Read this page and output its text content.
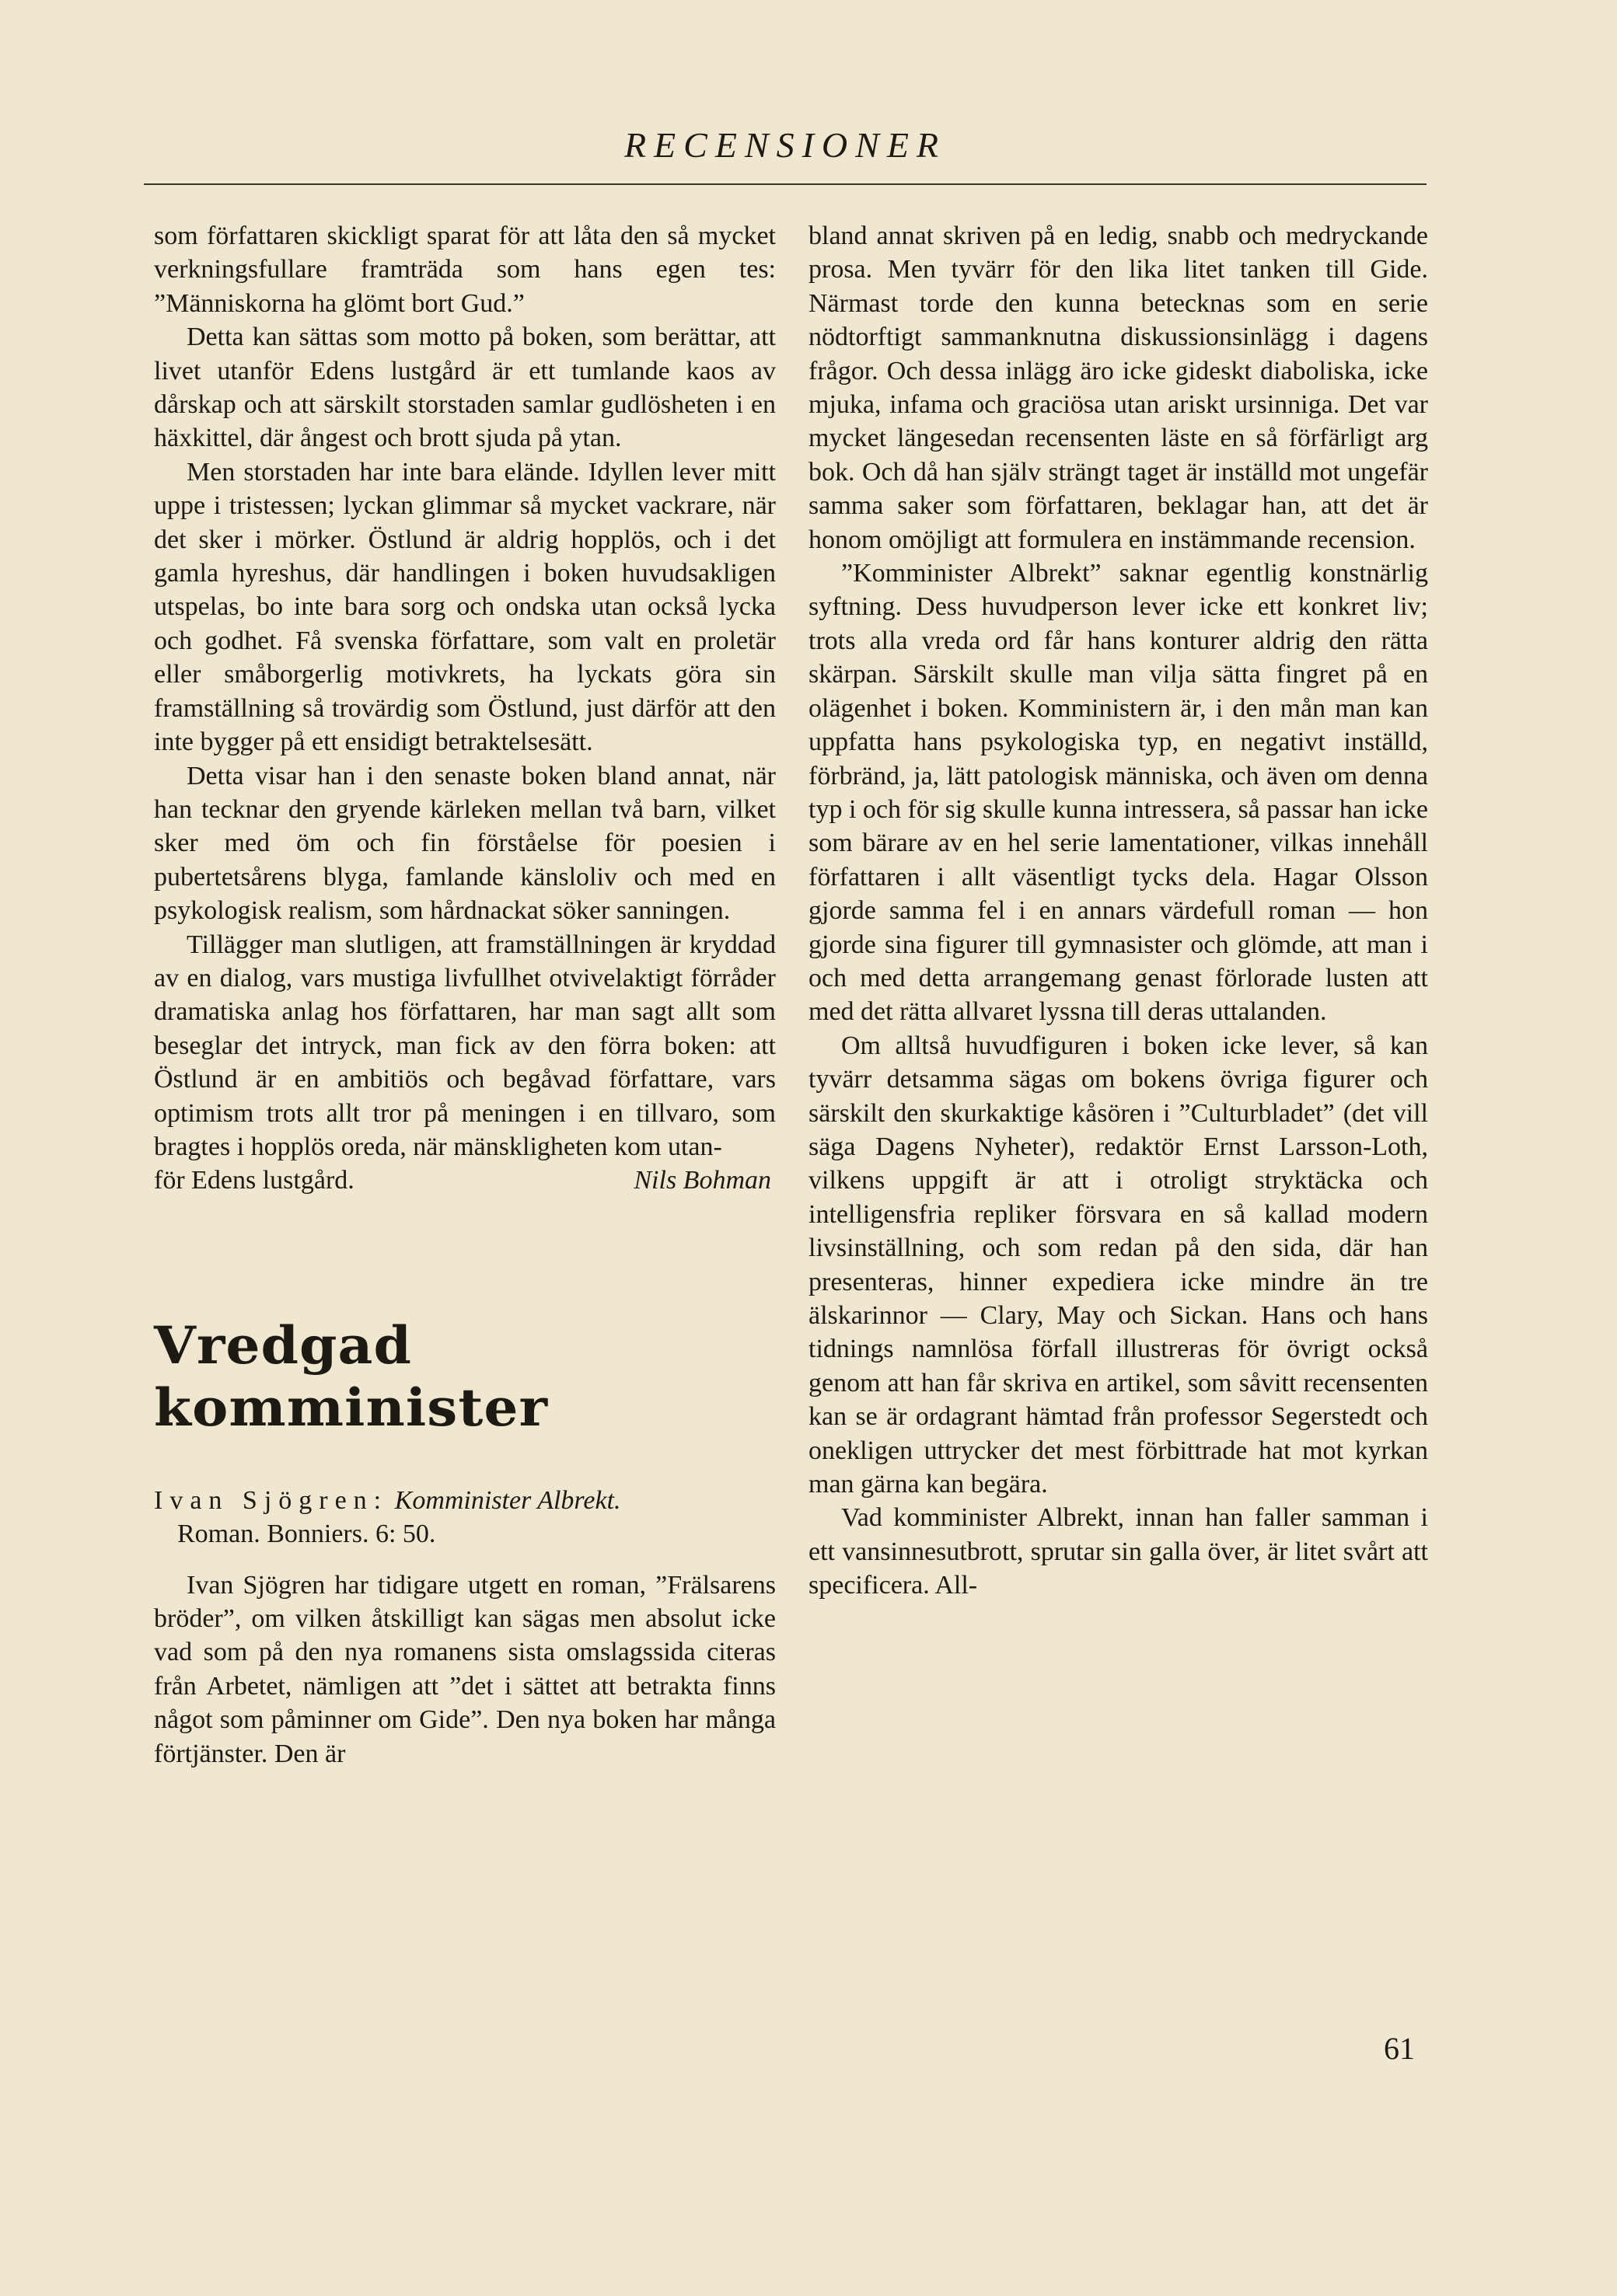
RECENSIONER

som författaren skickligt sparat för att låta den så mycket verkningsfullare framträda som hans egen tes: ”Människorna ha glömt bort Gud.”

Detta kan sättas som motto på boken, som berättar, att livet utanför Edens lustgård är ett tumlande kaos av dårskap och att särskilt storstaden samlar gudlösheten i en häxkittel, där ångest och brott sjuda på ytan.

Men storstaden har inte bara elände. Idyllen lever mitt uppe i tristessen; lyckan glimmar så mycket vackrare, när det sker i mörker. Östlund är aldrig hopplös, och i det gamla hyreshus, där handlingen i boken huvudsakligen utspelas, bo inte bara sorg och ondska utan också lycka och godhet. Få svenska författare, som valt en proletär eller småborgerlig motivkrets, ha lyckats göra sin framställning så trovärdig som Östlund, just därför att den inte bygger på ett ensidigt betraktelsesätt.

Detta visar han i den senaste boken bland annat, när han tecknar den gryende kärleken mellan två barn, vilket sker med öm och fin förståelse för poesien i pubertetsårens blyga, famlande känsloliv och med en psykologisk realism, som hårdnackat söker sanningen.

Tillägger man slutligen, att framställningen är kryddad av en dialog, vars mustiga livfullhet otvivelaktigt förråder dramatiska anlag hos författaren, har man sagt allt som beseglar det intryck, man fick av den förra boken: att Östlund är en ambitiös och begåvad författare, vars optimism trots allt tror på meningen i en tillvaro, som bragtes i hopplös oreda, när mänskligheten kom utan-

för Edens lustgård.	Nils Bohman
Vredgad komminister
Ivan Sjögren: Komminister Albrekt.
Roman. Bonniers. 6: 50.

Ivan Sjögren har tidigare utgett en roman, ”Frälsarens bröder”, om vilken åtskilligt kan sägas men absolut icke vad som på den nya romanens sista omslagssida citeras från Arbetet, nämligen att ”det i sättet att betrakta finns något som påminner om Gide”. Den nya boken har många förtjänster. Den är

bland annat skriven på en ledig, snabb och medryckande prosa. Men tyvärr för den lika litet tanken till Gide. Närmast torde den kunna betecknas som en serie nödtorftigt sammanknutna diskussionsinlägg i dagens frågor. Och dessa inlägg äro icke gideskt diaboliska, icke mjuka, infama och graciösa utan ariskt ursinniga. Det var mycket längesedan recensenten läste en så förfärligt arg bok. Och då han själv strängt taget är inställd mot ungefär samma saker som författaren, beklagar han, att det är honom omöjligt att formulera en instämmande recension.

”Komminister Albrekt” saknar egentlig konstnärlig syftning. Dess huvudperson lever icke ett konkret liv; trots alla vreda ord får hans konturer aldrig den rätta skärpan. Särskilt skulle man vilja sätta fingret på en olägenhet i boken. Komministern är, i den mån man kan uppfatta hans psykologiska typ, en negativt inställd, förbränd, ja, lätt patologisk människa, och även om denna typ i och för sig skulle kunna intressera, så passar han icke som bärare av en hel serie lamentationer, vilkas innehåll författaren i allt väsentligt tycks dela. Hagar Olsson gjorde samma fel i en annars värdefull roman — hon gjorde sina figurer till gymnasister och glömde, att man i och med detta arrangemang genast förlorade lusten att med det rätta allvaret lyssna till deras uttalanden.

Om alltså huvudfiguren i boken icke lever, så kan tyvärr detsamma sägas om bokens övriga figurer och särskilt den skurkaktige kåsören i ”Culturbladet” (det vill säga Dagens Nyheter), redaktör Ernst Larsson-Loth, vilkens uppgift är att i otroligt stryktäcka och intelligensfria repliker försvara en så kallad modern livsinställning, och som redan på den sida, där han presenteras, hinner expediera icke mindre än tre älskarinnor — Clary, May och Sickan. Hans och hans tidnings namnlösa förfall illustreras för övrigt också genom att han får skriva en artikel, som såvitt recensenten kan se är ordagrant hämtad från professor Segerstedt och onekligen uttrycker det mest förbittrade hat mot kyrkan man gärna kan begära.

Vad komminister Albrekt, innan han faller samman i ett vansinnesutbrott, sprutar sin galla över, är litet svårt att specificera. All-

61
